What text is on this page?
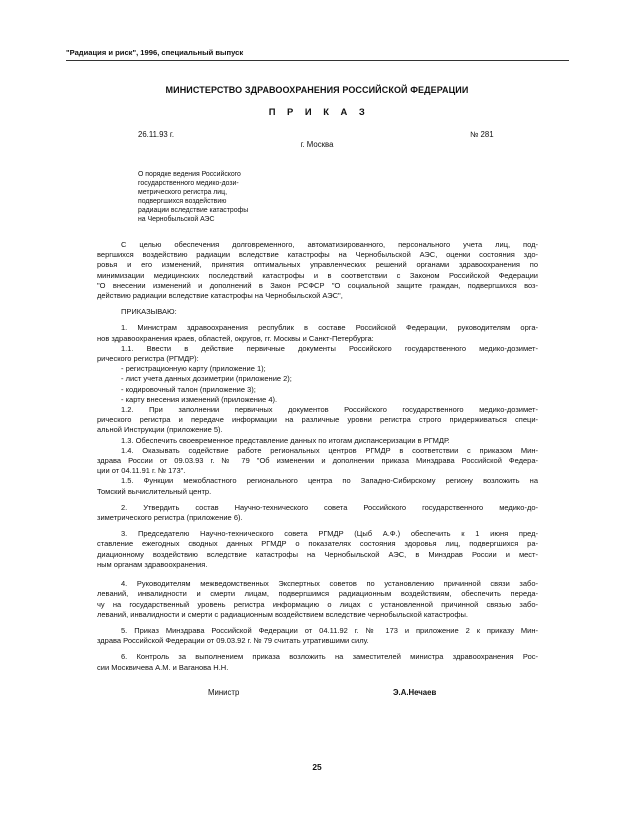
"Радиация и риск", 1996, специальный выпуск
МИНИСТЕРСТВО ЗДРАВООХРАНЕНИЯ РОССИЙСКОЙ ФЕДЕРАЦИИ
П Р И К А З
26.11.93 г.	№ 281
г. Москва
О порядке ведения Российского
государственного медико-дози-
метрического регистра лиц,
подвергшихся воздействию
радиации вследствие катастрофы
на Чернобыльской АЭС

С целью обеспечения долговременного, автоматизированного, персонального учета лиц, под-

вергшихся воздействию радиации вследствие катастрофы на Чернобыльской АЭС, оценки состояния здо-

ровья и его изменений, принятия оптимальных управленческих решений органами здравоохранения по

минимизации медицинских последствий катастрофы и в соответствии с Законом Российской Федерации

"О внесении изменений и дополнений в Закон РСФСР "О социальной защите граждан, подвергшихся воз-

действию радиации вследствие катастрофы на Чернобыльской АЭС",

ПРИКАЗЫВАЮ:

1. Министрам здравоохранения республик в составе Российской Федерации, руководителям орга-

нов здравоохранения краев, областей, округов, гг. Москвы и Санкт-Петербурга:

1.1. Ввести в действие первичные документы Российского государственного медико-дозимет-

рического регистра (РГМДР):

- регистрационную карту (приложение 1);

- лист учета данных дозиметрии (приложение 2);

- кодировочный талон (приложение 3);

- карту внесения изменений (приложение 4).

1.2. При заполнении первичных документов Российского государственного медико-дозимет-

рического регистра и передаче информации на различные уровни регистра строго придерживаться специ-

альной Инструкции (приложение 5).

1.3. Обеспечить своевременное представление данных по итогам диспансеризации в РГМДР.

1.4. Оказывать содействие работе региональных центров РГМДР в соответствии с приказом Мин-

здрава России от 09.03.93 г. № 79 "Об изменении и дополнении приказа Минздрава Российской Федера-

ции от 04.11.91 г. № 173".

1.5. Функции межобластного регионального центра по Западно-Сибирскому региону возложить на

Томский вычислительный центр.

2. Утвердить состав Научно-технического совета Российского государственного медико-до-

зиметрического регистра (приложение 6).

3. Председателю Научно-технического совета РГМДР (Цыб А.Ф.) обеспечить к 1 июня пред-

ставление ежегодных сводных данных РГМДР о показателях состояния здоровья лиц, подвергшихся ра-

диационному воздействию вследствие катастрофы на Чернобыльской АЭС, в Минздрав России и мест-

ным органам здравоохранения.

4. Руководителям межведомственных Экспертных советов по установлению причинной связи забо-

леваний, инвалидности и смерти лицам, подвергшимся радиационным воздействиям, обеспечить переда-

чу на государственный уровень регистра информацию о лицах с установленной причинной связью забо-

леваний, инвалидности и смерти с радиационным воздействием вследствие чернобыльской катастрофы.

5. Приказ Минздрава Российской Федерации от 04.11.92 г. № 173 и приложение 2 к приказу Мин-

здрава Российской Федерации от 09.03.92 г. № 79 считать утратившими силу.

6. Контроль за выполнением приказа возложить на заместителей министра здравоохранения Рос-

сии Москвичева А.М. и Ваганова Н.Н.

Министр	Э.А.Нечаев
25
